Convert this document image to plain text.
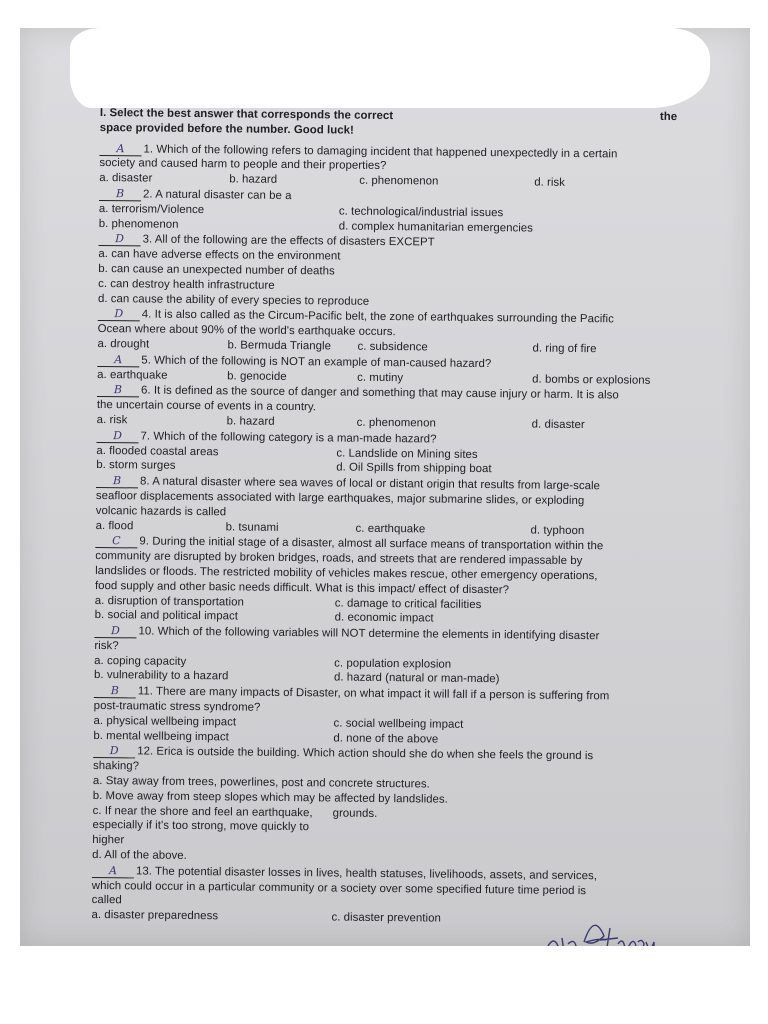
I. Select the best answer that corresponds the correct	the
space provided before the number. Good luck!
A 1. Which of the following refers to damaging incident that happened unexpectedly in a certain
society and caused harm to people and their properties?
a. disaster	b. hazard	c. phenomenon	d. risk
B 2. A natural disaster can be a
a. terrorism/Violence	c. technological/industrial issues
b. phenomenon	d. complex humanitarian emergencies
D 3. All of the following are the effects of disasters EXCEPT
a. can have adverse effects on the environment
b. can cause an unexpected number of deaths
c. can destroy health infrastructure
d. can cause the ability of every species to reproduce
D 4. It is also called as the Circum-Pacific belt, the zone of earthquakes surrounding the Pacific
Ocean where about 90% of the world's earthquake occurs.
a. drought	b. Bermuda Triangle	c. subsidence	d. ring of fire
A 5. Which of the following is NOT an example of man-caused hazard?
a. earthquake	b. genocide	c. mutiny	d. bombs or explosions
B 6. It is defined as the source of danger and something that may cause injury or harm. It is also
the uncertain course of events in a country.
a. risk	b. hazard	c. phenomenon	d. disaster
D 7. Which of the following category is a man-made hazard?
a. flooded coastal areas	c. Landslide on Mining sites
b. storm surges	d. Oil Spills from shipping boat
B 8. A natural disaster where sea waves of local or distant origin that results from large-scale
seafloor displacements associated with large earthquakes, major submarine slides, or exploding
volcanic hazards is called
a. flood	b. tsunami	c. earthquake	d. typhoon
C 9. During the initial stage of a disaster, almost all surface means of transportation within the
community are disrupted by broken bridges, roads, and streets that are rendered impassable by
landslides or floods. The restricted mobility of vehicles makes rescue, other emergency operations,
food supply and other basic needs difficult. What is this impact/ effect of disaster?
a. disruption of transportation	c. damage to critical facilities
b. social and political impact	d. economic impact
D 10. Which of the following variables will NOT determine the elements in identifying disaster
risk?
a. coping capacity	c. population explosion
b. vulnerability to a hazard	d. hazard (natural or man-made)
B 11. There are many impacts of Disaster, on what impact it will fall if a person is suffering from
post-traumatic stress syndrome?
a. physical wellbeing impact	c. social wellbeing impact
b. mental wellbeing impact	d. none of the above
D 12. Erica is outside the building. Which action should she do when she feels the ground is
shaking?
a. Stay away from trees, powerlines, post and concrete structures.
b. Move away from steep slopes which may be affected by landslides.
c. If near the shore and feel an earthquake, especially if it's too strong, move quickly to higher
grounds.
d. All of the above.
A 13. The potential disaster losses in lives, health statuses, livelihoods, assets, and services,
which could occur in a particular community or a society over some specified future time period is
called
a. disaster preparedness	c. disaster prevention
